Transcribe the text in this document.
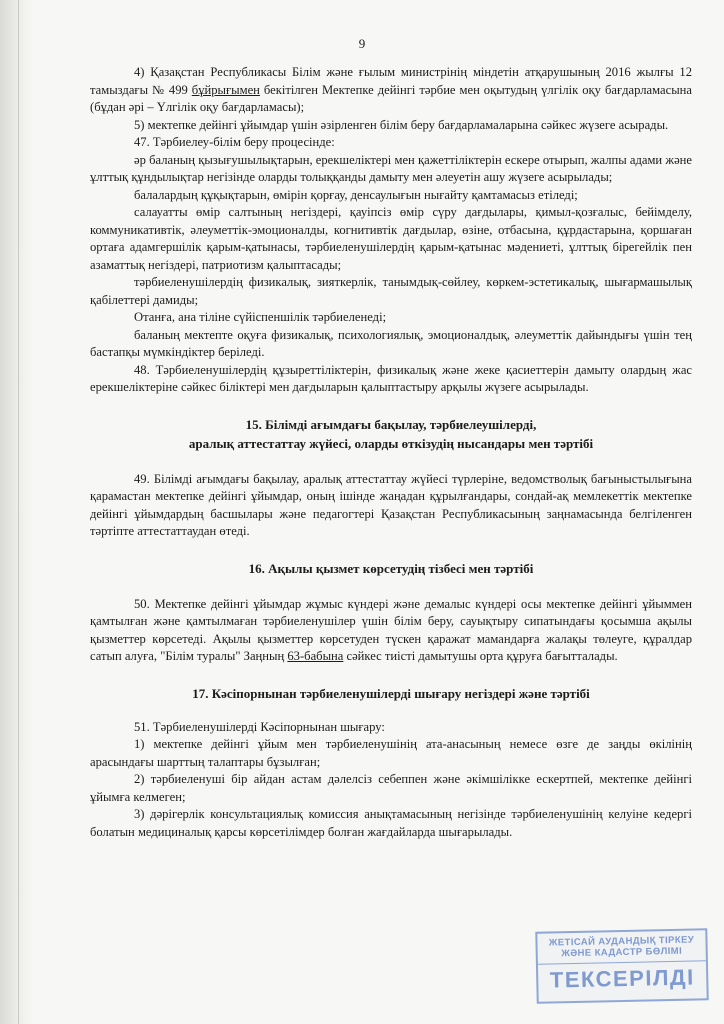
9

4) Қазақстан Республикасы Білім және ғылым министрінің міндетін атқарушының 2016 жылғы 12 тамыздағы № 499 бұйрығымен бекітілген Мектепке дейінгі тәрбие мен оқытудың үлгілік оқу бағдарламасына (бұдан әрі – Үлгілік оқу бағдарламасы);

5) мектепке дейінгі ұйымдар үшін әзірленген білім беру бағдарламаларына сәйкес жүзеге асырады.

47. Тәрбиелеу-білім беру процесінде:

әр баланың қызығушылықтарын, ерекшеліктері мен қажеттіліктерін ескере отырып, жалпы адами және ұлттық құндылықтар негізінде оларды толыққанды дамыту мен әлеуетін ашу жүзеге асырылады;

балалардың құқықтарын, өмірін қорғау, денсаулығын нығайту қамтамасыз етіледі;

салауатты өмір салтының негіздері, қауіпсіз өмір сүру дағдылары, қимыл-қозғалыс, бейімделу, коммуникативтік, әлеуметтік-эмоционалды, когнитивтік дағдылар, өзіне, отбасына, құрдастарына, қоршаған ортаға адамгершілік қарым-қатынасы, тәрбиеленушілердің қарым-қатынас мәдениеті, ұлттық бірегейлік пен азаматтық негіздері, патриотизм қалыптасады;

тәрбиеленушілердің физикалық, зияткерлік, танымдық-сөйлеу, көркем-эстетикалық, шығармашылық қабілеттері дамиды;

Отанға, ана тіліне сүйіспеншілік тәрбиеленеді;

баланың мектепте оқуға физикалық, психологиялық, эмоционалдық, әлеуметтік дайындығы үшін тең бастапқы мүмкіндіктер беріледі.

48. Тәрбиеленушілердің құзыреттіліктерін, физикалық және жеке қасиеттерін дамыту олардың жас ерекшеліктеріне сәйкес біліктері мен дағдыларын қалыптастыру арқылы жүзеге асырылады.

15. Білімді ағымдағы бақылау, тәрбиелеушілерді,
аралық аттестаттау жүйесі, оларды өткізудің нысандары мен тәртібі

49. Білімді ағымдағы бақылау, аралық аттестаттау жүйесі түрлеріне, ведомстволық бағыныстылығына қарамастан мектепке дейінгі ұйымдар, оның ішінде жаңадан құрылғандары, сондай-ақ мемлекеттік мектепке дейінгі ұйымдардың басшылары және педагогтері Қазақстан Республикасының заңнамасында белгіленген тәртіпте аттестаттаудан өтеді.

16. Ақылы қызмет көрсетудің тізбесі мен тәртібі

50. Мектепке дейінгі ұйымдар жұмыс күндері және демалыс күндері осы мектепке дейінгі ұйыммен қамтылған және қамтылмаған тәрбиеленушілер үшін білім беру, сауықтыру сипатындағы қосымша ақылы қызметтер көрсетеді. Ақылы қызметтер көрсетуден түскен қаражат мамандарға жалақы төлеуге, құралдар сатып алуға, "Білім туралы" Заңның 63-бабына сәйкес тиісті дамытушы орта құруға бағытталады.

17. Кәсіпорнынан тәрбиеленушілерді шығару негіздері және тәртібі

51. Тәрбиеленушілерді Кәсіпорнынан шығару:

1) мектепке дейінгі ұйым мен тәрбиеленушінің ата-анасының немесе өзге де заңды өкілінің арасындағы шарттың талаптары бұзылған;

2) тәрбиеленуші бір айдан астам дәлелсіз себеппен және әкімшілікке ескертпей, мектепке дейінгі ұйымға келмеген;

3) дәрігерлік консультациялық комиссия анықтамасының негізінде тәрбиеленушінің келуіне кедергі болатын медициналық қарсы көрсетілімдер болған жағдайларда шығарылады.

ЖЕТІСАЙ АУДАНДЫҚ ТІРКЕУ
ЖӘНЕ КАДАСТР БӨЛІМІ
ТЕКСЕРІЛДІ
